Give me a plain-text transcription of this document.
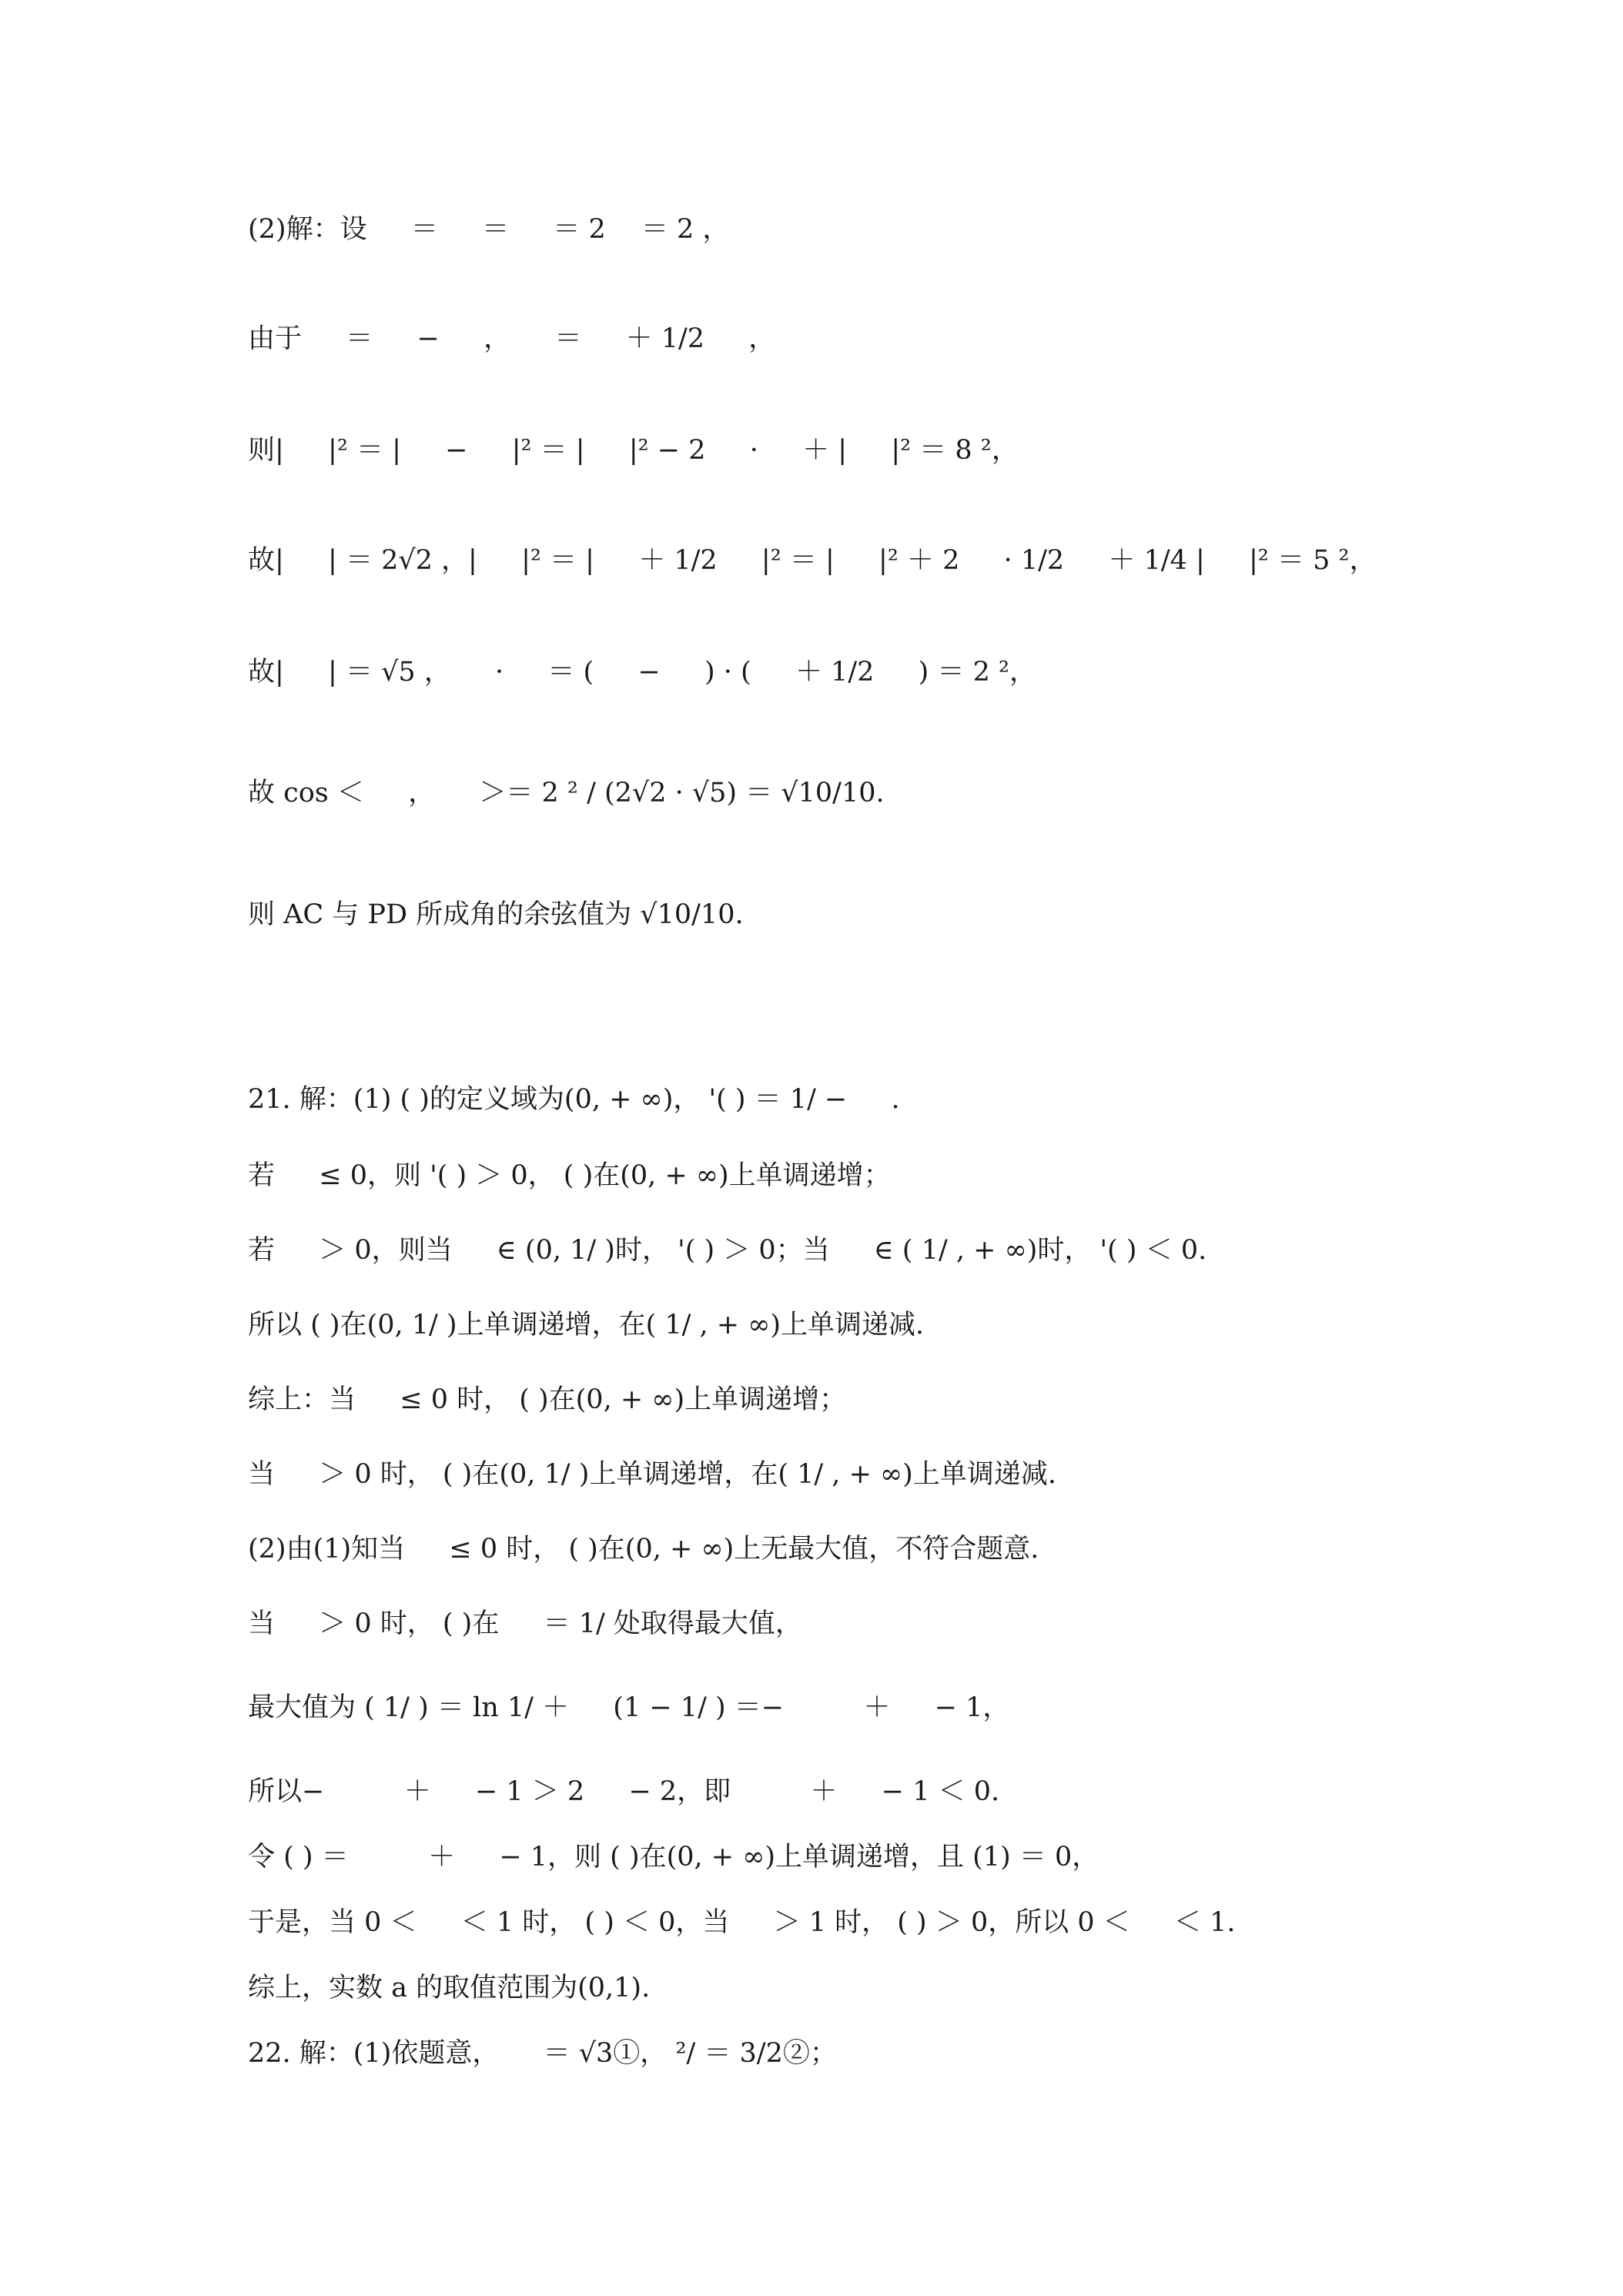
(2)解：设 　 ＝ 　 ＝ 　 ＝ 2　 ＝ 2 ，
由于 　 ＝ 　 − 　 ， 　 ＝ 　 ＋ 1/2 　 ，
则| 　 |² ＝ | 　 − 　 |² ＝ | 　 |² − 2 　 · 　 ＋ | 　 |² ＝ 8 ²，
故| 　 | ＝ 2√2 ，| 　 |² ＝ | 　 ＋ 1/2 　 |² ＝ | 　 |² ＋ 2 　 · 1/2 　 ＋ 1/4 | 　 |² ＝ 5 ²，
故| 　 | ＝ √5 ， 　 · 　 ＝ ( 　 − 　 ) · ( 　 ＋ 1/2 　 ) ＝ 2 ²，
故 cos ＜ 　 ， 　 ＞＝ 2 ² / (2√2 · √5) ＝ √10/10.
则 AC 与 PD 所成角的余弦值为 √10/10.
21. 解：(1) ( )的定义域为(0, + ∞)， '( ) ＝ 1/ − 　 .
若 　 ≤ 0，则 '( ) ＞ 0， ( )在(0, + ∞)上单调递增；
若 　 ＞ 0，则当 　 ∈ (0, 1/ )时， '( ) ＞ 0；当 　 ∈ ( 1/ , + ∞)时， '( ) ＜ 0.
所以 ( )在(0, 1/ )上单调递增，在( 1/ , + ∞)上单调递减.
综上：当 　 ≤ 0 时， ( )在(0, + ∞)上单调递增；
当 　 ＞ 0 时， ( )在(0, 1/ )上单调递增，在( 1/ , + ∞)上单调递减.
(2)由(1)知当 　 ≤ 0 时， ( )在(0, + ∞)上无最大值，不符合题意.
当 　 ＞ 0 时， ( )在 　 ＝ 1/ 处取得最大值，
最大值为 ( 1/ ) ＝ ln 1/ ＋ 　 (1 − 1/ ) ＝− 　 　 ＋ 　 − 1，
所以− 　 　 ＋ 　 − 1 ＞ 2 　 − 2，即 　 　 ＋ 　 − 1 ＜ 0.
令 ( ) ＝ 　 　 ＋ 　 − 1，则 ( )在(0, + ∞)上单调递增，且 (1) ＝ 0，
于是，当 0 ＜ 　 ＜ 1 时， ( ) ＜ 0，当 　 ＞ 1 时， ( ) ＞ 0，所以 0 ＜ 　 ＜ 1.
综上，实数 a 的取值范围为(0,1).
22. 解：(1)依题意， 　 ＝ √3①， ²/ ＝ 3/2②；
